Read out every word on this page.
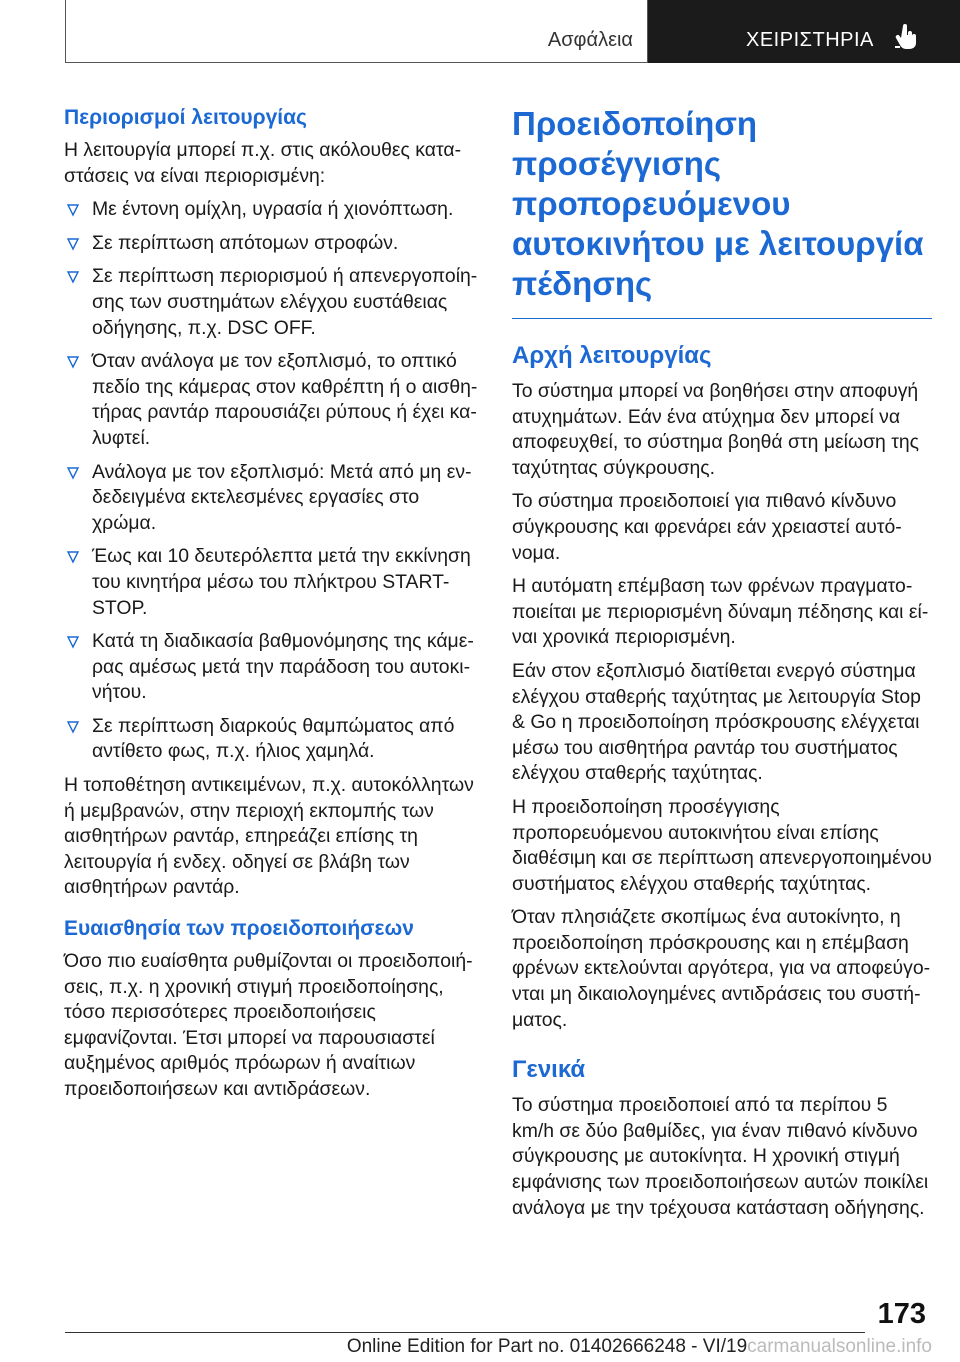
Ασφάλεια	ΧΕΙΡΙΣΤΗΡΙΑ
Περιορισμοί λειτουργίας

Η λειτουργία μπορεί π.χ. στις ακόλουθες καταστάσεις να είναι περιορισμένη:

Με έντονη ομίχλη, υγρασία ή χιονόπτωση.
Σε περίπτωση απότομων στροφών.
Σε περίπτωση περιορισμού ή απενεργοποίησης των συστημάτων ελέγχου ευστάθειας οδήγησης, π.χ. DSC OFF.
Όταν ανάλογα με τον εξοπλισμό, το οπτικό πεδίο της κάμερας στον καθρέπτη ή ο αισθητήρας ραντάρ παρουσιάζει ρύπους ή έχει καλυφτεί.
Ανάλογα με τον εξοπλισμό: Μετά από μη ενδεδειγμένα εκτελεσμένες εργασίες στο χρώμα.
Έως και 10 δευτερόλεπτα μετά την εκκίνηση του κινητήρα μέσω του πλήκτρου START-STOP.
Κατά τη διαδικασία βαθμονόμησης της κάμερας αμέσως μετά την παράδοση του αυτοκινήτου.
Σε περίπτωση διαρκούς θαμπώματος από αντίθετο φως, π.χ. ήλιος χαμηλά.

Η τοποθέτηση αντικειμένων, π.χ. αυτοκόλλητων ή μεμβρανών, στην περιοχή εκπομπής των αισθητήρων ραντάρ, επηρεάζει επίσης τη λειτουργία ή ενδεχ. οδηγεί σε βλάβη των αισθητήρων ραντάρ.

Ευαισθησία των προειδοποιήσεων

Όσο πιο ευαίσθητα ρυθμίζονται οι προειδοποιήσεις, π.χ. η χρονική στιγμή προειδοποίησης, τόσο περισσότερες προειδοποιήσεις εμφανίζονται. Έτσι μπορεί να παρουσιαστεί αυξημένος αριθμός πρόωρων ή αναίτιων προειδοποιήσεων και αντιδράσεων.

Προειδοποίηση προσέγγισης προπορευόμενου αυτοκινήτου με λειτουργία πέδησης
Αρχή λειτουργίας

Το σύστημα μπορεί να βοηθήσει στην αποφυγή ατυχημάτων. Εάν ένα ατύχημα δεν μπορεί να αποφευχθεί, το σύστημα βοηθά στη μείωση της ταχύτητας σύγκρουσης.

Το σύστημα προειδοποιεί για πιθανό κίνδυνο σύγκρουσης και φρενάρει εάν χρειαστεί αυτόνομα.

Η αυτόματη επέμβαση των φρένων πραγματοποιείται με περιορισμένη δύναμη πέδησης και είναι χρονικά περιορισμένη.

Εάν στον εξοπλισμό διατίθεται ενεργό σύστημα ελέγχου σταθερής ταχύτητας με λειτουργία Stop & Go η προειδοποίηση πρόσκρουσης ελέγχεται μέσω του αισθητήρα ραντάρ του συστήματος ελέγχου σταθερής ταχύτητας.

Η προειδοποίηση προσέγγισης προπορευόμενου αυτοκινήτου είναι επίσης διαθέσιμη και σε περίπτωση απενεργοποιημένου συστήματος ελέγχου σταθερής ταχύτητας.

Όταν πλησιάζετε σκοπίμως ένα αυτοκίνητο, η προειδοποίηση πρόσκρουσης και η επέμβαση φρένων εκτελούνται αργότερα, για να αποφεύγονται μη δικαιολογημένες αντιδράσεις του συστήματος.

Γενικά

Το σύστημα προειδοποιεί από τα περίπου 5 km/h σε δύο βαθμίδες, για έναν πιθανό κίνδυνο σύγκρουσης με αυτοκίνητα. Η χρονική στιγμή εμφάνισης των προειδοποιήσεων αυτών ποικίλει ανάλογα με την τρέχουσα κατάσταση οδήγησης.

173
Online Edition for Part no. 01402666248 - VI/19carmanualsonline.info
